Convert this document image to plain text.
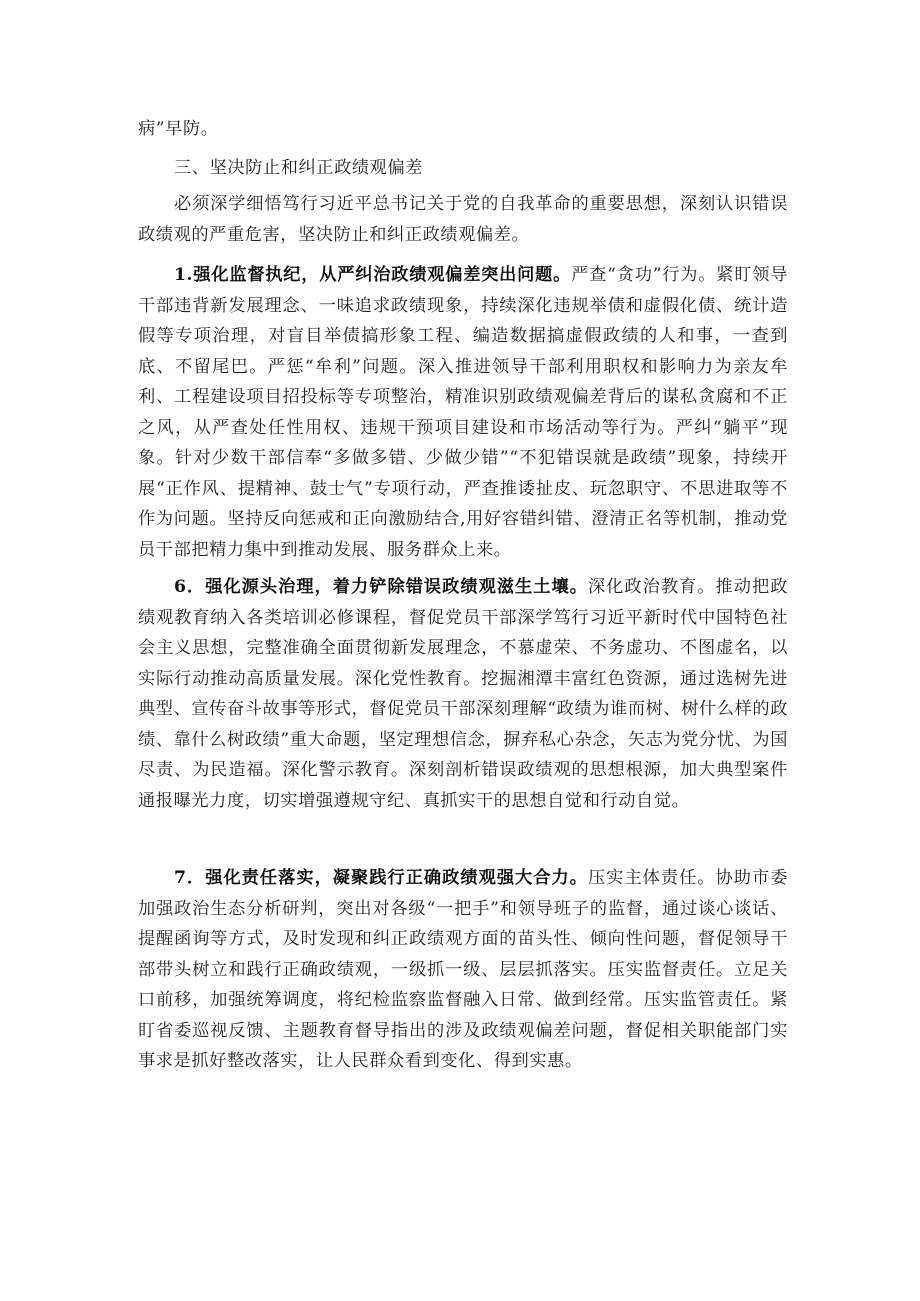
病”早防。

三、坚决防止和纠正政绩观偏差

必须深学细悟笃行习近平总书记关于党的自我革命的重要思想，深刻认识错误政绩观的严重危害，坚决防止和纠正政绩观偏差。

1.强化监督执纪，从严纠治政绩观偏差突出问题。严查“贪功”行为。紧盯领导干部违背新发展理念、一味追求政绩现象，持续深化违规举债和虚假化债、统计造假等专项治理，对盲目举债搞形象工程、编造数据搞虚假政绩的人和事，一查到底、不留尾巴。严惩“牟利”问题。深入推进领导干部利用职权和影响力为亲友牟利、工程建设项目招投标等专项整治，精准识别政绩观偏差背后的谋私贪腐和不正之风，从严查处任性用权、违规干预项目建设和市场活动等行为。严纠“躺平”现象。针对少数干部信奉“多做多错、少做少错”“不犯错误就是政绩”现象，持续开展“正作风、提精神、鼓士气”专项行动，严查推诿扯皮、玩忽职守、不思进取等不作为问题。坚持反向惩戒和正向激励结合,用好容错纠错、澄清正名等机制，推动党员干部把精力集中到推动发展、服务群众上来。

6．强化源头治理，着力铲除错误政绩观滋生土壤。深化政治教育。推动把政绩观教育纳入各类培训必修课程，督促党员干部深学笃行习近平新时代中国特色社会主义思想，完整准确全面贯彻新发展理念，不慕虚荣、不务虚功、不图虚名，以实际行动推动高质量发展。深化党性教育。挖掘湘潭丰富红色资源，通过选树先进典型、宣传奋斗故事等形式，督促党员干部深刻理解“政绩为谁而树、树什么样的政绩、靠什么树政绩”重大命题，坚定理想信念，摒弃私心杂念，矢志为党分忧、为国尽责、为民造福。深化警示教育。深刻剖析错误政绩观的思想根源，加大典型案件通报曝光力度，切实增强遵规守纪、真抓实干的思想自觉和行动自觉。

7．强化责任落实，凝聚践行正确政绩观强大合力。压实主体责任。协助市委加强政治生态分析研判，突出对各级“一把手”和领导班子的监督，通过谈心谈话、提醒函询等方式，及时发现和纠正政绩观方面的苗头性、倾向性问题，督促领导干部带头树立和践行正确政绩观，一级抓一级、层层抓落实。压实监督责任。立足关口前移，加强统筹调度，将纪检监察监督融入日常、做到经常。压实监管责任。紧盯省委巡视反馈、主题教育督导指出的涉及政绩观偏差问题，督促相关职能部门实事求是抓好整改落实，让人民群众看到变化、得到实惠。
